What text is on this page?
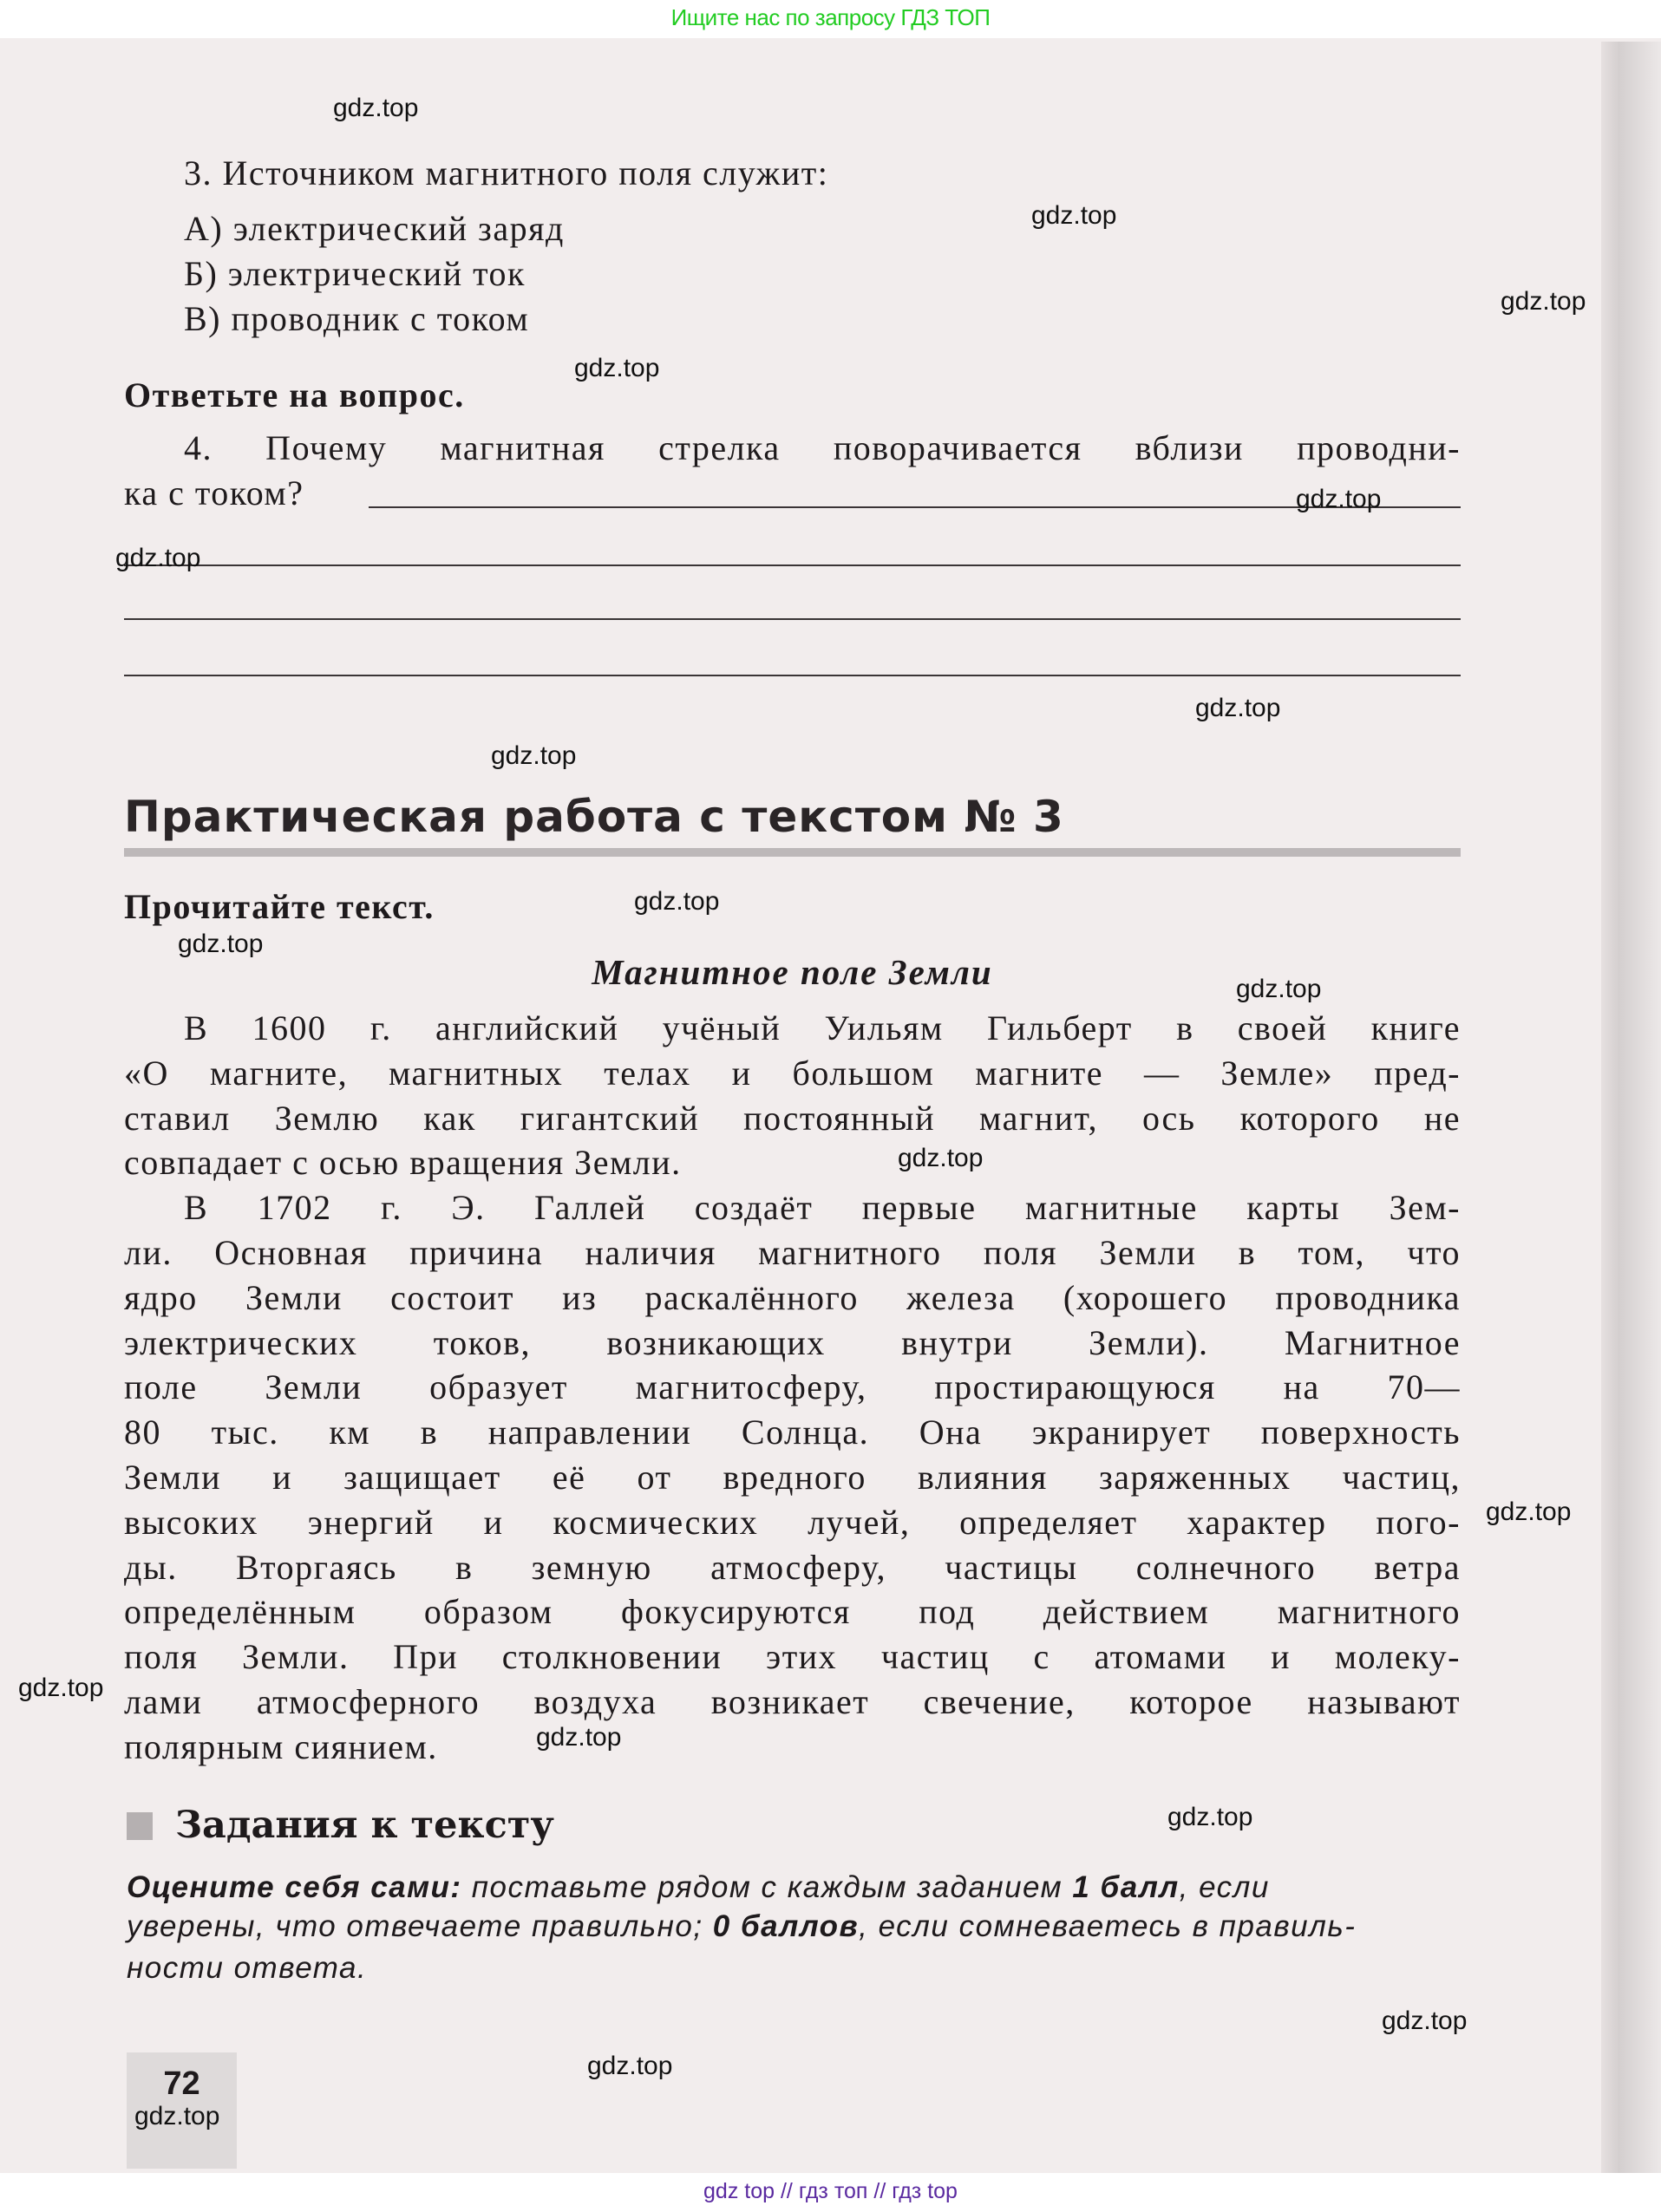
Ищите нас по запросу ГДЗ ТОП
3. Источником магнитного поля служит:
А) электрический заряд
Б) электрический ток
В) проводник с током
Ответьте на вопрос.
4. Почему магнитная стрелка поворачивается вблизи проводни-
ка с током?
Практическая работа с текстом № 3
Прочитайте текст.
Магнитное поле Земли
В 1600 г. английский учёный Уильям Гильберт в своей книге
«О магните, магнитных телах и большом магните — Земле» пред-
ставил Землю как гигантский постоянный магнит, ось которого не
совпадает с осью вращения Земли.
В 1702 г. Э. Галлей создаёт первые магнитные карты Зем-
ли. Основная причина наличия магнитного поля Земли в том, что
ядро Земли состоит из раскалённого железа (хорошего проводника
электрических токов, возникающих внутри Земли). Магнитное
поле Земли образует магнитосферу, простирающуюся на 70—
80 тыс. км в направлении Солнца. Она экранирует поверхность
Земли и защищает её от вредного влияния заряженных частиц,
высоких энергий и космических лучей, определяет характер пого-
ды. Вторгаясь в земную атмосферу, частицы солнечного ветра
определённым образом фокусируются под действием магнитного
поля Земли. При столкновении этих частиц с атомами и молеку-
лами атмосферного воздуха возникает свечение, которое называют
полярным сиянием.
Задания к тексту
Оцените себя сами: поставьте рядом с каждым заданием 1 балл, если
уверены, что отвечаете правильно; 0 баллов, если сомневаетесь в правиль-
ности ответа.
72
gdz.top
gdz.top
gdz.top
gdz.top
gdz.top
gdz.top
gdz.top
gdz.top
gdz.top
gdz.top
gdz.top
gdz.top
gdz.top
gdz.top
gdz.top
gdz.top
gdz.top
gdz.top
gdz.top
gdz top // гдз топ // гдз top
